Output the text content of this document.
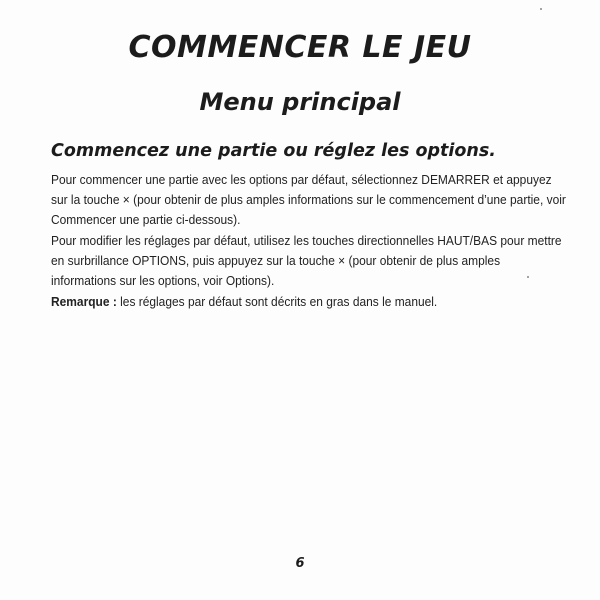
COMMENCER LE JEU
Menu principal
Commencez une partie ou réglez les options.
Pour commencer une partie avec les options par défaut, sélectionnez DEMARRER et appuyez sur la touche × (pour obtenir de plus amples informations sur le commencement d’une partie, voir Commencer une partie ci-dessous).
Pour modifier les réglages par défaut, utilisez les touches directionnelles HAUT/BAS pour mettre en surbrillance OPTIONS, puis appuyez sur la touche × (pour obtenir de plus amples informations sur les options, voir Options).
Remarque : les réglages par défaut sont décrits en gras dans le manuel.
6
